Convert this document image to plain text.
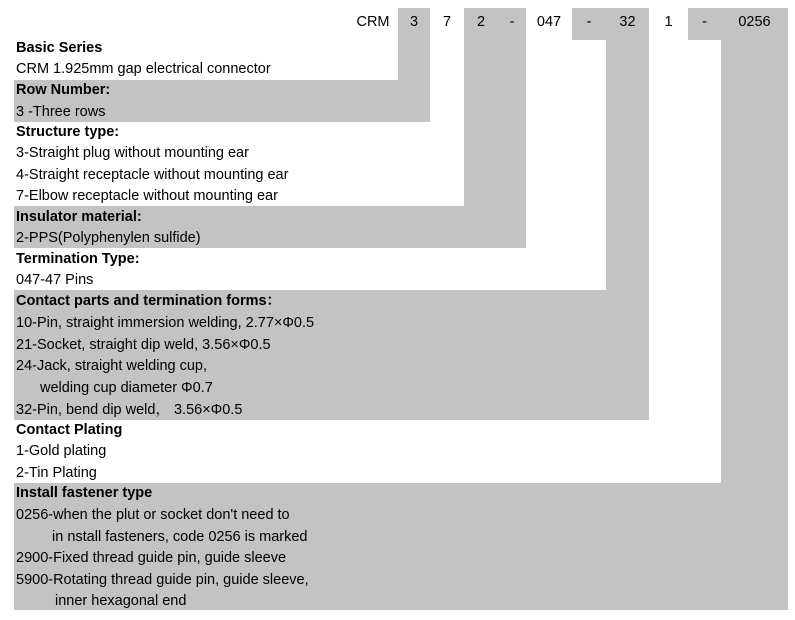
CRM	3	7	2	-	047	-	32	1	-	0256
Basic Series
CRM 1.925mm gap electrical connector
Row Number:
3 -Three rows
Structure type:
3-Straight plug without mounting ear
4-Straight receptacle without mounting ear
7-Elbow receptacle without mounting ear
Insulator material:
2-PPS(Polyphenylen sulfide)
Termination Type:
047-47 Pins
Contact parts and termination forms：
10-Pin, straight immersion welding, 2.77×Φ0.5
21-Socket, straight dip weld, 3.56×Φ0.5
24-Jack, straight welding cup,
welding cup diameter Φ0.7
32-Pin, bend dip weld， 3.56×Φ0.5
Contact Plating
1-Gold plating
2-Tin Plating
Install fastener type
0256-when the plut or socket don't need to
in nstall fasteners, code 0256 is marked
2900-Fixed thread guide pin, guide sleeve
5900-Rotating thread guide pin, guide sleeve,
inner hexagonal end
